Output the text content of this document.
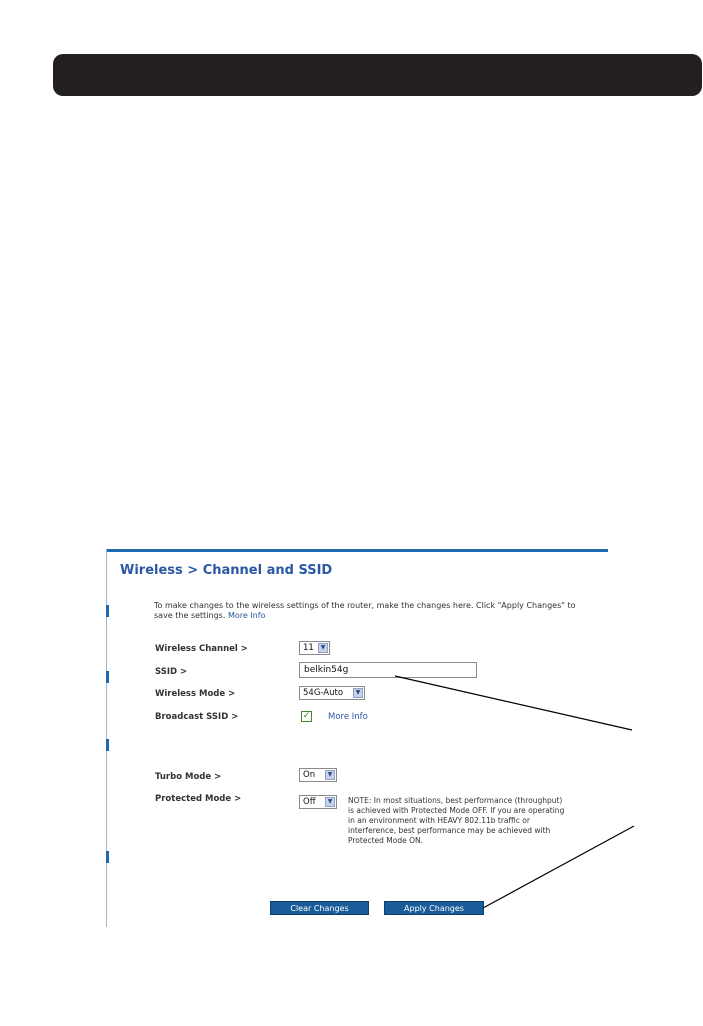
Wireless > Channel and SSID
To make changes to the wireless settings of the router, make the changes here. Click "Apply Changes" to save the settings. More Info
Wireless Channel >	11	▼
SSID >	belkin54g
Wireless Mode >	54G-Auto	▼
Broadcast SSID >	✓ More Info
Turbo Mode >	On	▼
Protected Mode >	Off	▼	NOTE: In most situations, best performance (throughput) is achieved with Protected Mode OFF. If you are operating in an environment with HEAVY 802.11b traffic or interference, best performance may be achieved with Protected Mode ON.
Clear Changes	Apply Changes
